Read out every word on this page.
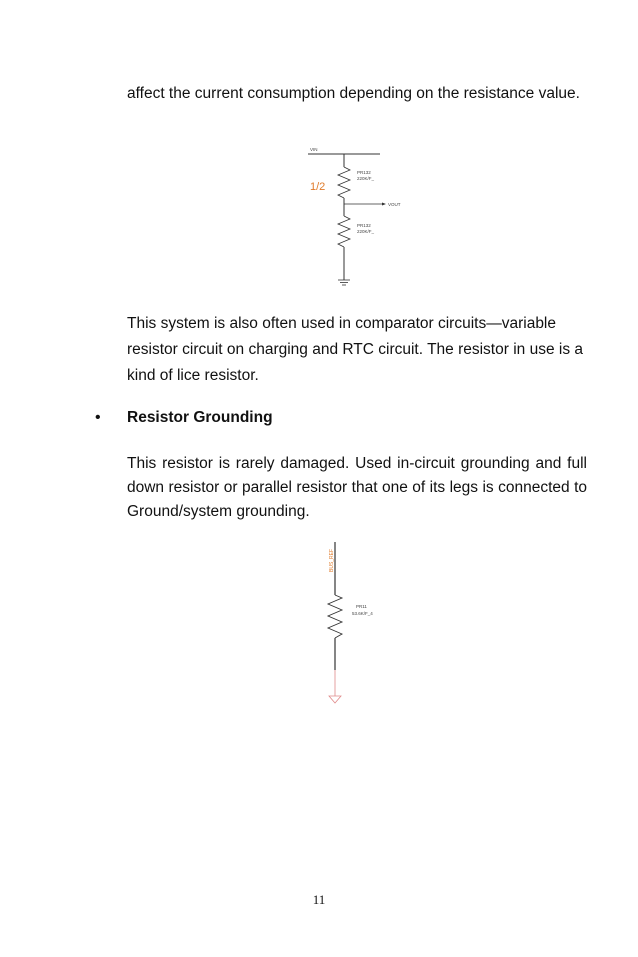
affect the current consumption depending on the resistance value.

VIN
PR132
220K/F_
1/2
VOUT
PR132
220K/F_

This system is also often used in comparator circuits—variable resistor circuit on charging and RTC circuit. The resistor in use is a kind of lice resistor.

• Resistor Grounding

This resistor is rarely damaged. Used in-circuit grounding and full down resistor or parallel resistor that one of its legs is connected to Ground/system grounding.

BUS_REF
PR11
53.6K/F_4
11
